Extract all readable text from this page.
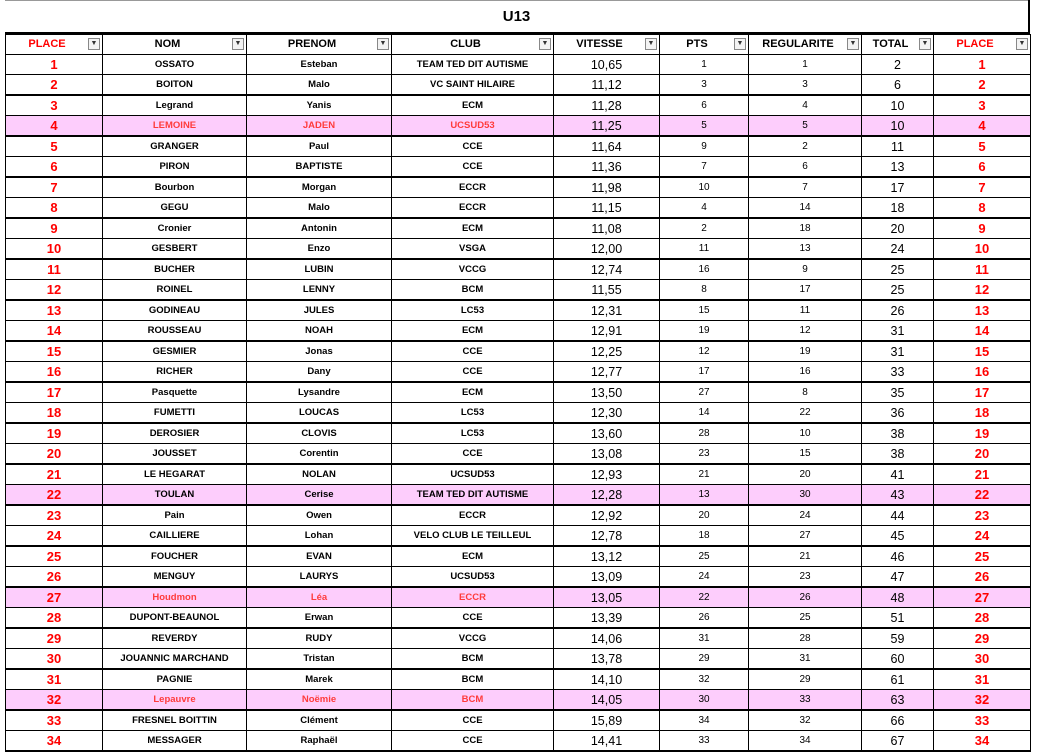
U13
PLACE ▼	NOM ▼	PRENOM ▼	CLUB ▼	VITESSE ▼	PTS ▼	REGULARITE ▼	TOTAL ▼	PLACE ▼

1	OSSATO	Esteban	TEAM TED DIT AUTISME	10,65	1	1	2	1
2	BOITON	Malo	VC SAINT HILAIRE	11,12	3	3	6	2
3	Legrand	Yanis	ECM	11,28	6	4	10	3
4	LEMOINE	JADEN	UCSUD53	11,25	5	5	10	4
5	GRANGER	Paul	CCE	11,64	9	2	11	5
6	PIRON	BAPTISTE	CCE	11,36	7	6	13	6
7	Bourbon	Morgan	ECCR	11,98	10	7	17	7
8	GEGU	Malo	ECCR	11,15	4	14	18	8
9	Cronier	Antonin	ECM	11,08	2	18	20	9
10	GESBERT	Enzo	VSGA	12,00	11	13	24	10
11	BUCHER	LUBIN	VCCG	12,74	16	9	25	11
12	ROINEL	LENNY	BCM	11,55	8	17	25	12
13	GODINEAU	JULES	LC53	12,31	15	11	26	13
14	ROUSSEAU	NOAH	ECM	12,91	19	12	31	14
15	GESMIER	Jonas	CCE	12,25	12	19	31	15
16	RICHER	Dany	CCE	12,77	17	16	33	16
17	Pasquette	Lysandre	ECM	13,50	27	8	35	17
18	FUMETTI	LOUCAS	LC53	12,30	14	22	36	18
19	DEROSIER	CLOVIS	LC53	13,60	28	10	38	19
20	JOUSSET	Corentin	CCE	13,08	23	15	38	20
21	LE HEGARAT	NOLAN	UCSUD53	12,93	21	20	41	21
22	TOULAN	Cerise	TEAM TED DIT AUTISME	12,28	13	30	43	22
23	Pain	Owen	ECCR	12,92	20	24	44	23
24	CAILLIERE	Lohan	VELO CLUB LE TEILLEUL	12,78	18	27	45	24
25	FOUCHER	EVAN	ECM	13,12	25	21	46	25
26	MENGUY	LAURYS	UCSUD53	13,09	24	23	47	26
27	Houdmon	Léa	ECCR	13,05	22	26	48	27
28	DUPONT-BEAUNOL	Erwan	CCE	13,39	26	25	51	28
29	REVERDY	RUDY	VCCG	14,06	31	28	59	29
30	JOUANNIC MARCHAND	Tristan	BCM	13,78	29	31	60	30
31	PAGNIE	Marek	BCM	14,10	32	29	61	31
32	Lepauvre	Noëmie	BCM	14,05	30	33	63	32
33	FRESNEL BOITTIN	Clément	CCE	15,89	34	32	66	33
34	MESSAGER	Raphaël	CCE	14,41	33	34	67	34
